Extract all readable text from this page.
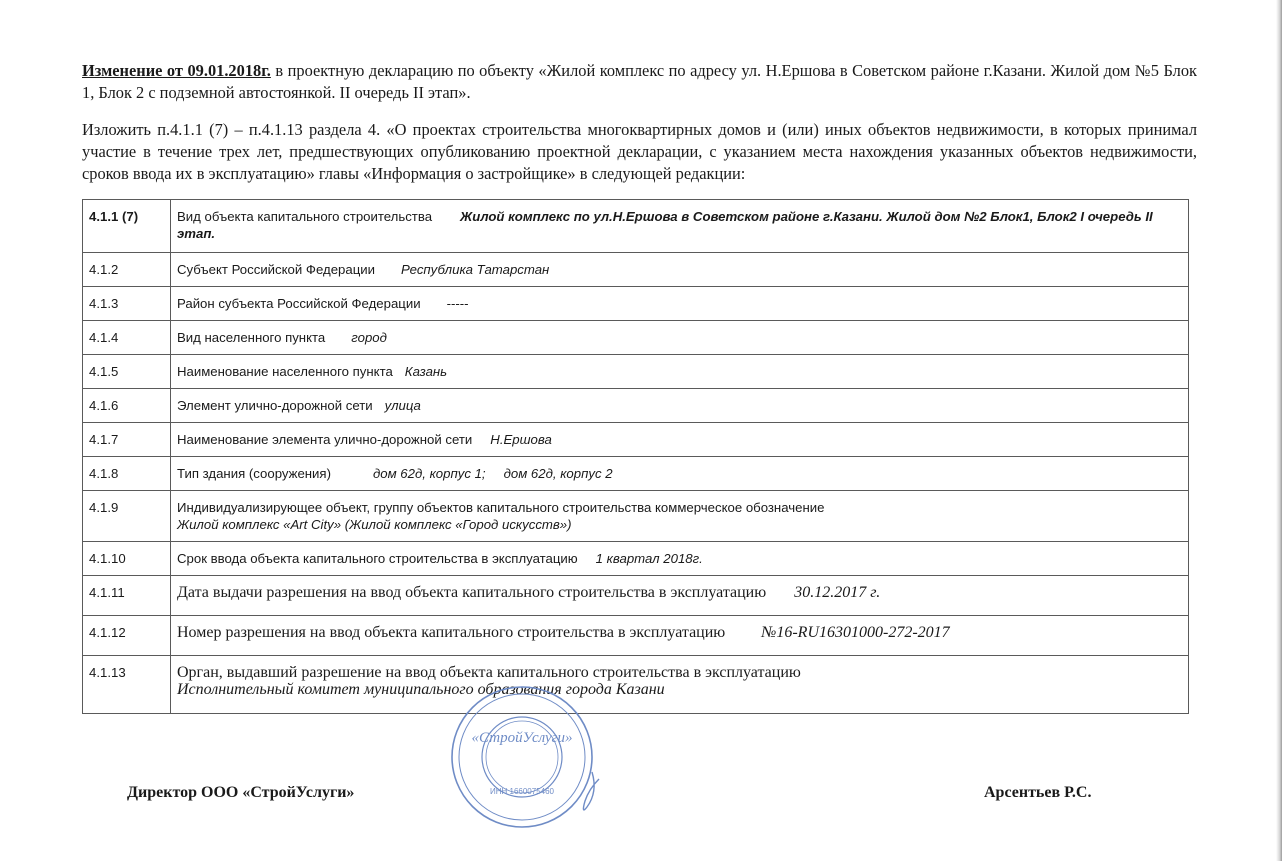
Изменение от 09.01.2018г. в проектную декларацию по объекту «Жилой комплекс по адресу ул. Н.Ершова в Советском районе г.Казани. Жилой дом №5 Блок 1, Блок 2 с подземной автостоянкой. II очередь II этап».
Изложить п.4.1.1 (7) – п.4.1.13 раздела 4. «О проектах строительства многоквартирных домов и (или) иных объектов недвижимости, в которых принимал участие в течение трех лет, предшествующих опубликованию проектной декларации, с указанием места нахождения указанных объектов недвижимости, сроков ввода их в эксплуатацию» главы «Информация о застройщике» в следующей редакции:
4.1.1 (7)	Вид объекта капитального строительства Жилой комплекс по ул.Н.Ершова в Советском районе г.Казани. Жилой дом №2 Блок1, Блок2 I очередь II этап.
4.1.2	Субъект Российской Федерации Республика Татарстан
4.1.3	Район субъекта Российской Федерации -----
4.1.4	Вид населенного пункта город
4.1.5	Наименование населенного пункта Казань
4.1.6	Элемент улично-дорожной сети улица
4.1.7	Наименование элемента улично-дорожной сети Н.Ершова
4.1.8	Тип здания (сооружения) дом 62д, корпус 1; дом 62д, корпус 2
4.1.9	Индивидуализирующее объект, группу объектов капитального строительства коммерческое обозначение
Жилой комплекс «Art City» (Жилой комплекс «Город искусств»)

4.1.10	Срок ввода объекта капитального строительства в эксплуатацию 1 квартал 2018г.
4.1.11	Дата выдачи разрешения на ввод объекта капитального строительства в эксплуатацию 30.12.2017 г.
4.1.12	Номер разрешения на ввод объекта капитального строительства в эксплуатацию №16-RU16301000-272-2017
4.1.13	Орган, выдавший разрешение на ввод объекта капитального строительства в эксплуатацию
Исполнительный комитет муниципального образования города Казани
«СтройУслуги»
ИНН 1660075460
Директор ООО «СтройУслуги»	Арсентьев Р.С.
